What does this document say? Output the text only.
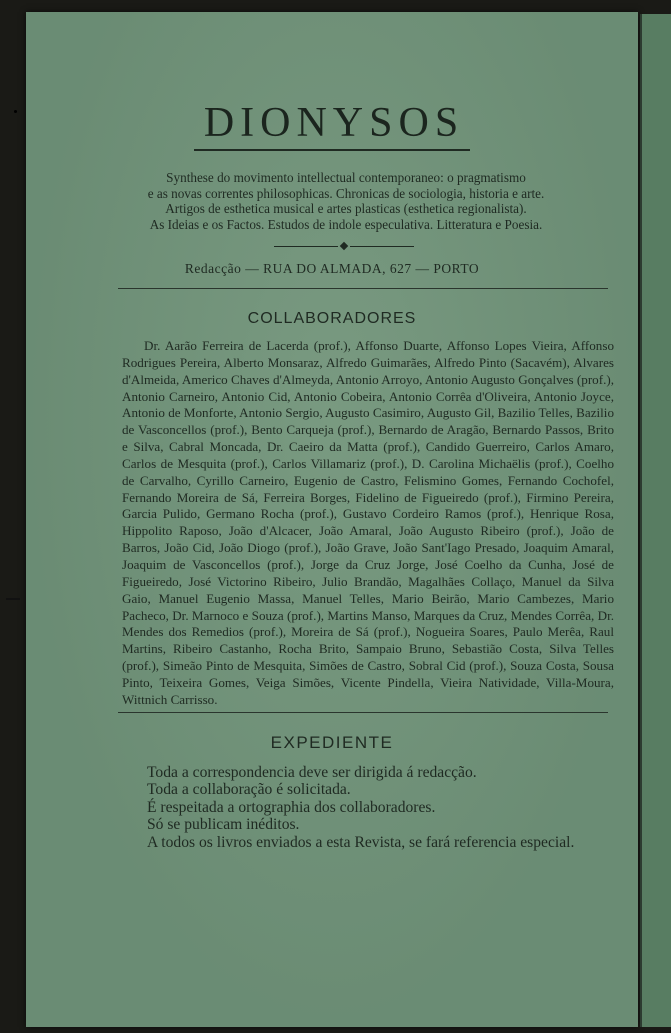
DIONYSOS
Synthese do movimento intellectual contemporaneo: o pragmatismo
e as novas correntes philosophicas. Chronicas de sociologia, historia e arte.
Artigos de esthetica musical e artes plasticas (esthetica regionalista).
As Ideias e os Factos. Estudos de indole especulativa. Litteratura e Poesia.
Redacção — RUA DO ALMADA, 627 — PORTO
COLLABORADORES
Dr. Aarão Ferreira de Lacerda (prof.), Affonso Duarte, Affonso Lopes Vieira, Affonso Rodrigues Pereira, Alberto Monsaraz, Alfredo Guimarães, Alfredo Pinto (Sacavém), Alvares d'Almeida, Americo Chaves d'Almeyda, Antonio Arroyo, Antonio Augusto Gonçalves (prof.), Antonio Carneiro, Antonio Cid, Antonio Cobeira, Antonio Corrêa d'Oliveira, Antonio Joyce, Antonio de Monforte, Antonio Sergio, Augusto Casimiro, Augusto Gil, Bazilio Telles, Bazilio de Vasconcellos (prof.), Bento Carqueja (prof.), Bernardo de Aragão, Bernardo Passos, Brito e Silva, Cabral Moncada, Dr. Caeiro da Matta (prof.), Candido Guerreiro, Carlos Amaro, Carlos de Mesquita (prof.), Carlos Villamariz (prof.), D. Carolina Michaëlis (prof.), Coelho de Carvalho, Cyrillo Carneiro, Eugenio de Castro, Felismino Gomes, Fernando Cochofel, Fernando Moreira de Sá, Ferreira Borges, Fidelino de Figueiredo (prof.), Firmino Pereira, Garcia Pulido, Germano Rocha (prof.), Gustavo Cordeiro Ramos (prof.), Henrique Rosa, Hippolito Raposo, João d'Alcacer, João Amaral, João Augusto Ribeiro (prof.), João de Barros, João Cid, João Diogo (prof.), João Grave, João Sant'Iago Presado, Joaquim Amaral, Joaquim de Vasconcellos (prof.), Jorge da Cruz Jorge, José Coelho da Cunha, José de Figueiredo, José Victorino Ribeiro, Julio Brandão, Magalhães Collaço, Manuel da Silva Gaio, Manuel Eugenio Massa, Manuel Telles, Mario Beirão, Mario Cambezes, Mario Pacheco, Dr. Marnoco e Souza (prof.), Martins Manso, Marques da Cruz, Mendes Corrêa, Dr. Mendes dos Remedios (prof.), Moreira de Sá (prof.), Nogueira Soares, Paulo Merêa, Raul Martins, Ribeiro Castanho, Rocha Brito, Sampaio Bruno, Sebastião Costa, Silva Telles (prof.), Simeão Pinto de Mesquita, Simões de Castro, Sobral Cid (prof.), Souza Costa, Sousa Pinto, Teixeira Gomes, Veiga Simões, Vicente Pindella, Vieira Natividade, Villa-Moura, Wittnich Carrisso.
EXPEDIENTE
Toda a correspondencia deve ser dirigida á redacção.
Toda a collaboração é solicitada.
É respeitada a ortographia dos collaboradores.
Só se publicam inéditos.
A todos os livros enviados a esta Revista, se fará referencia especial.
